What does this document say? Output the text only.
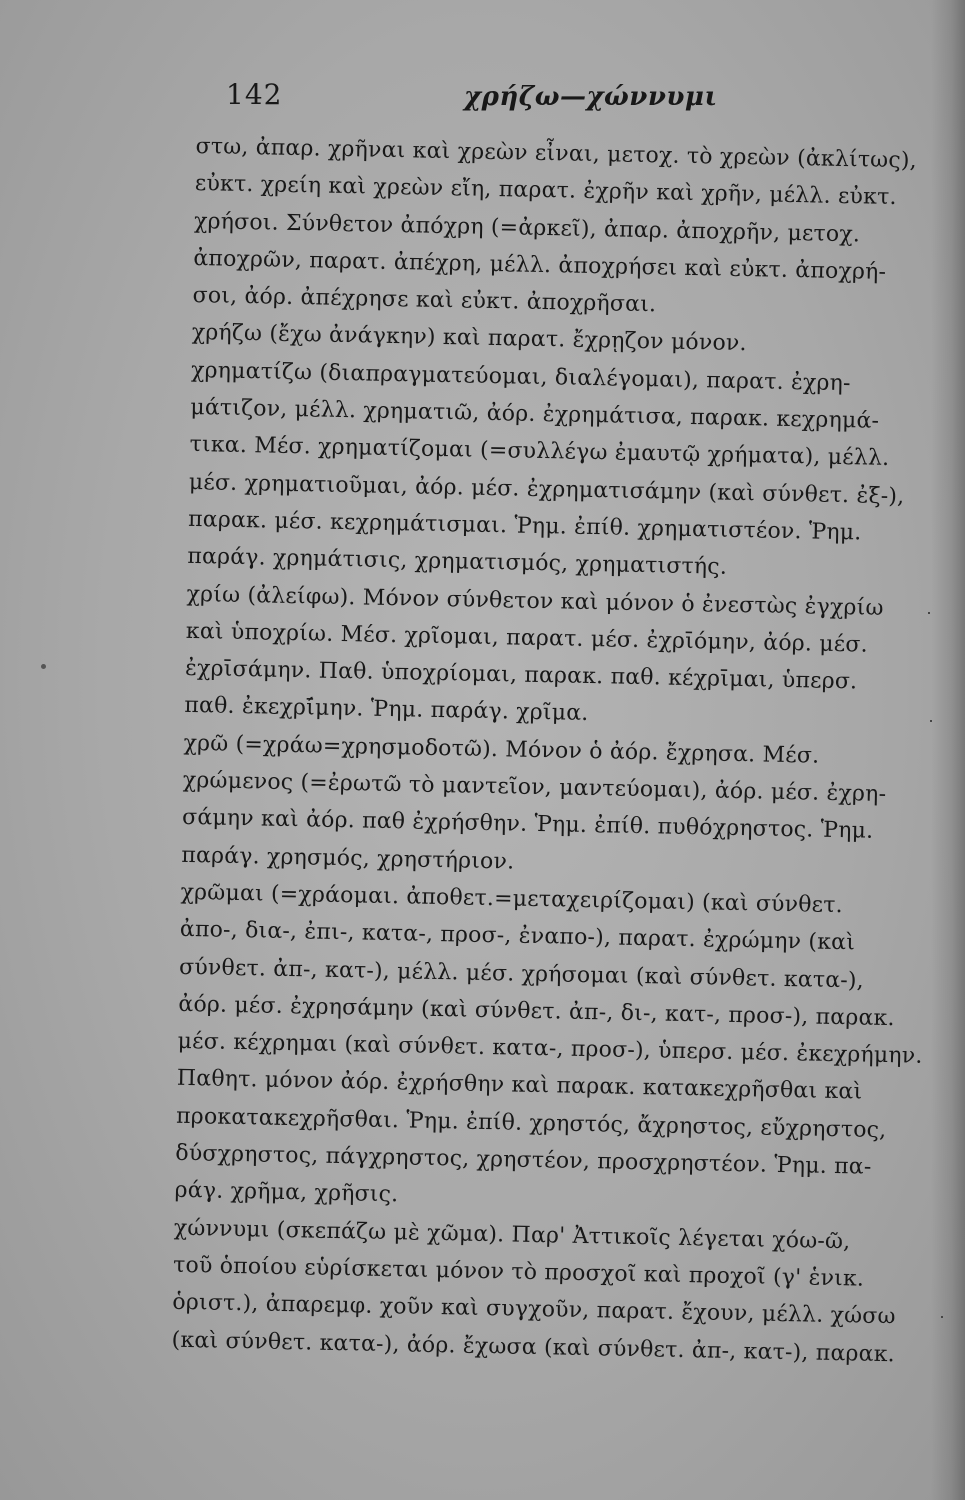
142	χρήζω—χώννυμι
στω, ἀπαρ. χρῆναι καὶ χρεὼν εἶναι, μετοχ. τὸ χρεὼν (ἀκλίτως),
εὐκτ. χρείη καὶ χρεὼν εἴη, παρατ. ἐχρῆν καὶ χρῆν, μέλλ. εὐκτ.
χρήσοι. Σύνθετον ἀπόχρη (=ἀρκεῖ), ἀπαρ. ἀποχρῆν, μετοχ.
ἀποχρῶν, παρατ. ἀπέχρη, μέλλ. ἀποχρήσει καὶ εὐκτ. ἀποχρή-
σοι, ἀόρ. ἀπέχρησε καὶ εὐκτ. ἀποχρῆσαι.
χρήζω (ἔχω ἀνάγκην) καὶ παρατ. ἔχρῃζον μόνον.
χρηματίζω (διαπραγματεύομαι, διαλέγομαι), παρατ. ἐχρη-
μάτιζον, μέλλ. χρηματιῶ, ἀόρ. ἐχρημάτισα, παρακ. κεχρημά-
τικα. Μέσ. χρηματίζομαι (=συλλέγω ἐμαυτῷ χρήματα), μέλλ.
μέσ. χρηματιοῦμαι, ἀόρ. μέσ. ἐχρηματισάμην (καὶ σύνθετ. ἐξ-),
παρακ. μέσ. κεχρημάτισμαι. Ῥημ. ἐπίθ. χρηματιστέον. Ῥημ.
παράγ. χρημάτισις, χρηματισμός, χρηματιστής.
χρίω (ἀλείφω). Μόνον σύνθετον καὶ μόνον ὁ ἐνεστὼς ἐγχρίω
καὶ ὑποχρίω. Μέσ. χρῖομαι, παρατ. μέσ. ἐχρῑόμην, ἀόρ. μέσ.
ἐχρῑσάμην. Παθ. ὑποχρίομαι, παρακ. παθ. κέχρῑμαι, ὑπερσ.
παθ. ἐκεχρῑ́μην. Ῥημ. παράγ. χρῖμα.
χρῶ (=χράω=χρησμοδοτῶ). Μόνον ὁ ἀόρ. ἔχρησα. Μέσ.
χρώμενος (=ἐρωτῶ τὸ μαντεῖον, μαντεύομαι), ἀόρ. μέσ. ἐχρη-
σάμην καὶ ἀόρ. παθ ἐχρήσθην. Ῥημ. ἐπίθ. πυθόχρηστος. Ῥημ.
παράγ. χρησμός, χρηστήριον.
χρῶμαι (=χράομαι. ἀποθετ.=μεταχειρίζομαι) (καὶ σύνθετ.
ἀπο-, δια-, ἐπι-, κατα-, προσ-, ἐναπο-), παρατ. ἐχρώμην (καὶ
σύνθετ. ἀπ-, κατ-), μέλλ. μέσ. χρήσομαι (καὶ σύνθετ. κατα-),
ἀόρ. μέσ. ἐχρησάμην (καὶ σύνθετ. ἀπ-, δι-, κατ-, προσ-), παρακ.
μέσ. κέχρημαι (καὶ σύνθετ. κατα-, προσ-), ὑπερσ. μέσ. ἐκεχρήμην.
Παθητ. μόνον ἀόρ. ἐχρήσθην καὶ παρακ. κατακεχρῆσθαι καὶ
προκατακεχρῆσθαι. Ῥημ. ἐπίθ. χρηστός, ἄχρηστος, εὔχρηστος,
δύσχρηστος, πάγχρηστος, χρηστέον, προσχρηστέον. Ῥημ. πα-
ράγ. χρῆμα, χρῆσις.
χώννυμι (σκεπάζω μὲ χῶμα). Παρ' Ἀττικοῖς λέγεται χόω-ῶ,
τοῦ ὁποίου εὑρίσκεται μόνον τὸ προσχοῖ καὶ προχοῖ (γ' ἑνικ.
ὁριστ.), ἀπαρεμφ. χοῦν καὶ συγχοῦν, παρατ. ἔχουν, μέλλ. χώσω
(καὶ σύνθετ. κατα-), ἀόρ. ἔχωσα (καὶ σύνθετ. ἀπ-, κατ-), παρακ.
